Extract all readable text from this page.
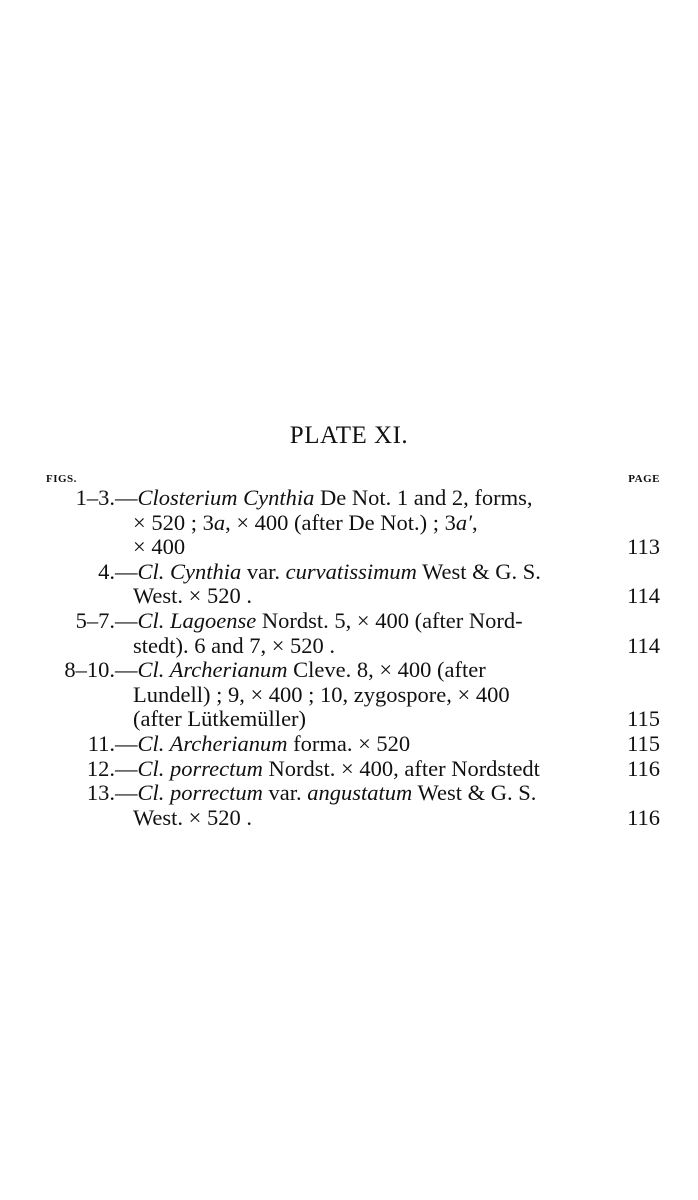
PLATE XI.
FIGS.	PAGE
1–3. —Closterium Cynthia De Not. 1 and 2, forms,
× 520 ; 3a, × 400 (after De Not.) ; 3a′,
× 400	113
4. —Cl. Cynthia var. curvatissimum West & G. S.
West. × 520 .	114
5–7. —Cl. Lagoense Nordst. 5, × 400 (after Nord-
stedt). 6 and 7, × 520 .	114
8–10. —Cl. Archerianum Cleve. 8, × 400 (after
Lundell) ; 9, × 400 ; 10, zygospore, × 400
(after Lütkemüller)	115
11. —Cl. Archerianum forma. × 520	115
12. —Cl. porrectum Nordst. × 400, after Nordstedt	116
13. —Cl. porrectum var. angustatum West & G. S.
West. × 520 .	116
